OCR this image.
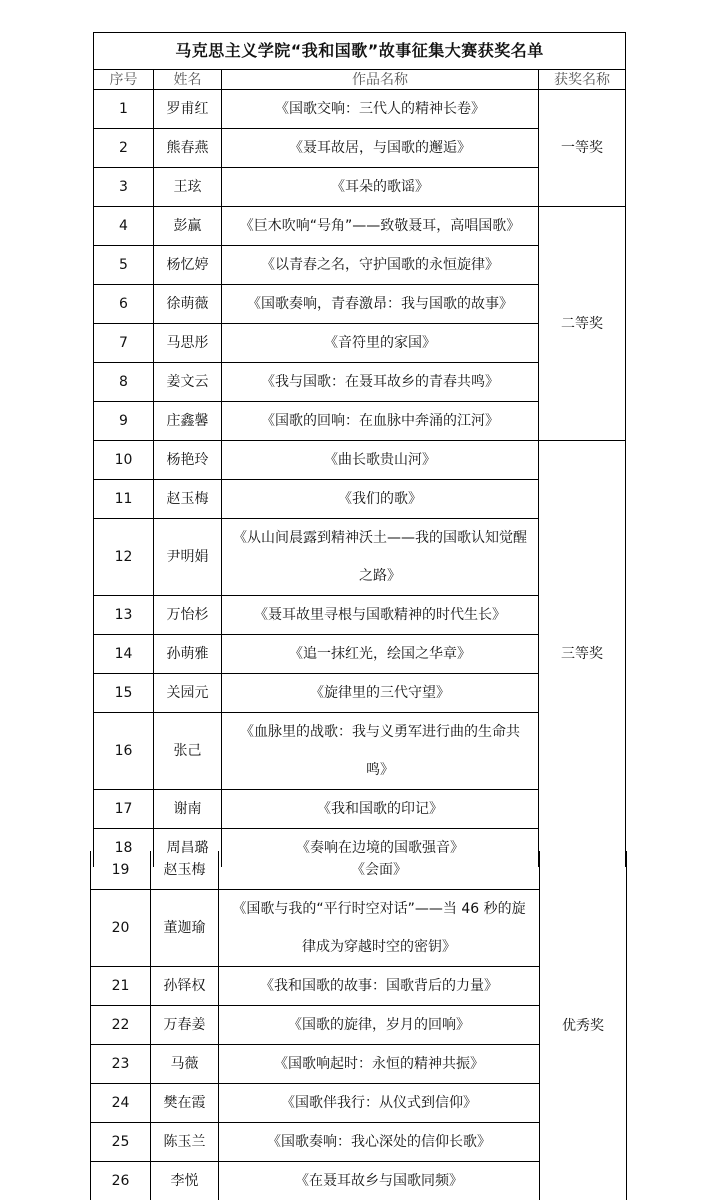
马克思主义学院“我和国歌”故事征集大赛获奖名单			
序号	姓名	作品名称	获奖名称
1	罗甫红	《国歌交响：三代人的精神长卷》	一等奖
2	熊春燕	《聂耳故居，与国歌的邂逅》	
3	王玹	《耳朵的歌谣》	
4	彭赢	《巨木吹响“号角”——致敬聂耳，高唱国歌》	二等奖
5	杨忆婷	《以青春之名，守护国歌的永恒旋律》	
6	徐萌薇	《国歌奏响，青春激昂：我与国歌的故事》	
7	马思彤	《音符里的家国》	
8	姜文云	《我与国歌：在聂耳故乡的青春共鸣》	
9	庄鑫馨	《国歌的回响：在血脉中奔涌的江河》	
10	杨艳玲	《曲长歌贵山河》	三等奖
11	赵玉梅	《我们的歌》	
12	尹明娟	《从山间晨露到精神沃土——我的国歌认知觉醒之路》	
13	万怡杉	《聂耳故里寻根与国歌精神的时代生长》	
14	孙萌雅	《追一抹红光，绘国之华章》	
15	关园元	《旋律里的三代守望》	
16	张己	《血脉里的战歌：我与义勇军进行曲的生命共鸣》	
17	谢南	《我和国歌的印记》	
18	周昌璐	《奏响在边境的国歌强音》	
19	赵玉梅	《会面》	优秀奖
20	董迦瑜	《国歌与我的“平行时空对话”——当 46 秒的旋律成为穿越时空的密钥》	
21	孙铎权	《我和国歌的故事：国歌背后的力量》	
22	万春姜	《国歌的旋律，岁月的回响》	
23	马薇	《国歌响起时：永恒的精神共振》	
24	樊在霞	《国歌伴我行：从仪式到信仰》	
25	陈玉兰	《国歌奏响：我心深处的信仰长歌》	
26	李悦	《在聂耳故乡与国歌同频》	
